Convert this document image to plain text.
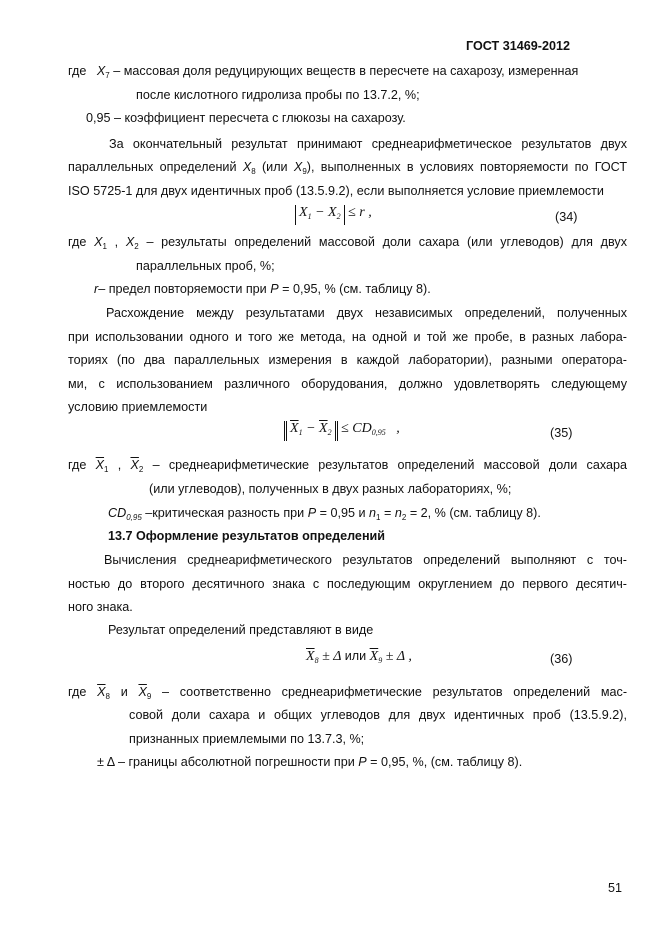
ГОСТ 31469-2012
где $X_7$ – массовая доля редуцирующих веществ в пересчете на сахарозу, измеренная
после кислотного гидролиза пробы по 13.7.2, %;
0,95 – коэффициент пересчета с глюкозы на сахарозу.
За окончательный результат принимают среднеарифметическое результатов двух
параллельных определений $X_8$ (или $X_9$), выполненных в условиях повторяемости по ГОСТ
ISO 5725-1 для двух идентичных проб (13.5.9.2), если выполняется условие приемлемости
$X_1 - X_2 \le r$ ,	(34)
где $X_1$ , $X_2$ – результаты определений массовой доли сахара (или углеводов) для двух
параллельных проб, %;
r– предел повторяемости при P = 0,95, % (см. таблицу 8).
Расхождение между результатами двух независимых определений, полученных
при использовании одного и того же метода, на одной и той же пробе, в разных лабора-
ториях (по два параллельных измерения в каждой лаборатории), разными оператора-
ми, с использованием различного оборудования, должно удовлетворять следующему
условию приемлемости
$\overline{X}_1 - \overline{X}_2 \le CD_{0,95}$   ,	(35)
где $\overline{X}_1$ , $\overline{X}_2$ – среднеарифметические результатов определений массовой доли сахара
(или углеводов), полученных в двух разных лабораториях, %;
$CD_{0,95}$ –критическая разность при P = 0,95 и $n_1 = n_2 = 2$, % (см. таблицу 8).
13.7 Оформление результатов определений
Вычисления среднеарифметического результатов определений выполняют с точ-
ностью до второго десятичного знака с последующим округлением до первого десятич-
ного знака.
Результат определений представляют в виде
$\overline{X}_8 \pm \Delta$ или $\overline{X}_9 \pm \Delta$ ,	(36)
где $\overline{X}_8$ и $\overline{X}_9$ – соответственно среднеарифметические результатов определений мас-
совой доли сахара и общих углеводов для двух идентичных проб (13.5.9.2),
признанных приемлемыми по 13.7.3, %;
± Δ – границы абсолютной погрешности при P = 0,95, %, (см. таблицу 8).
51
